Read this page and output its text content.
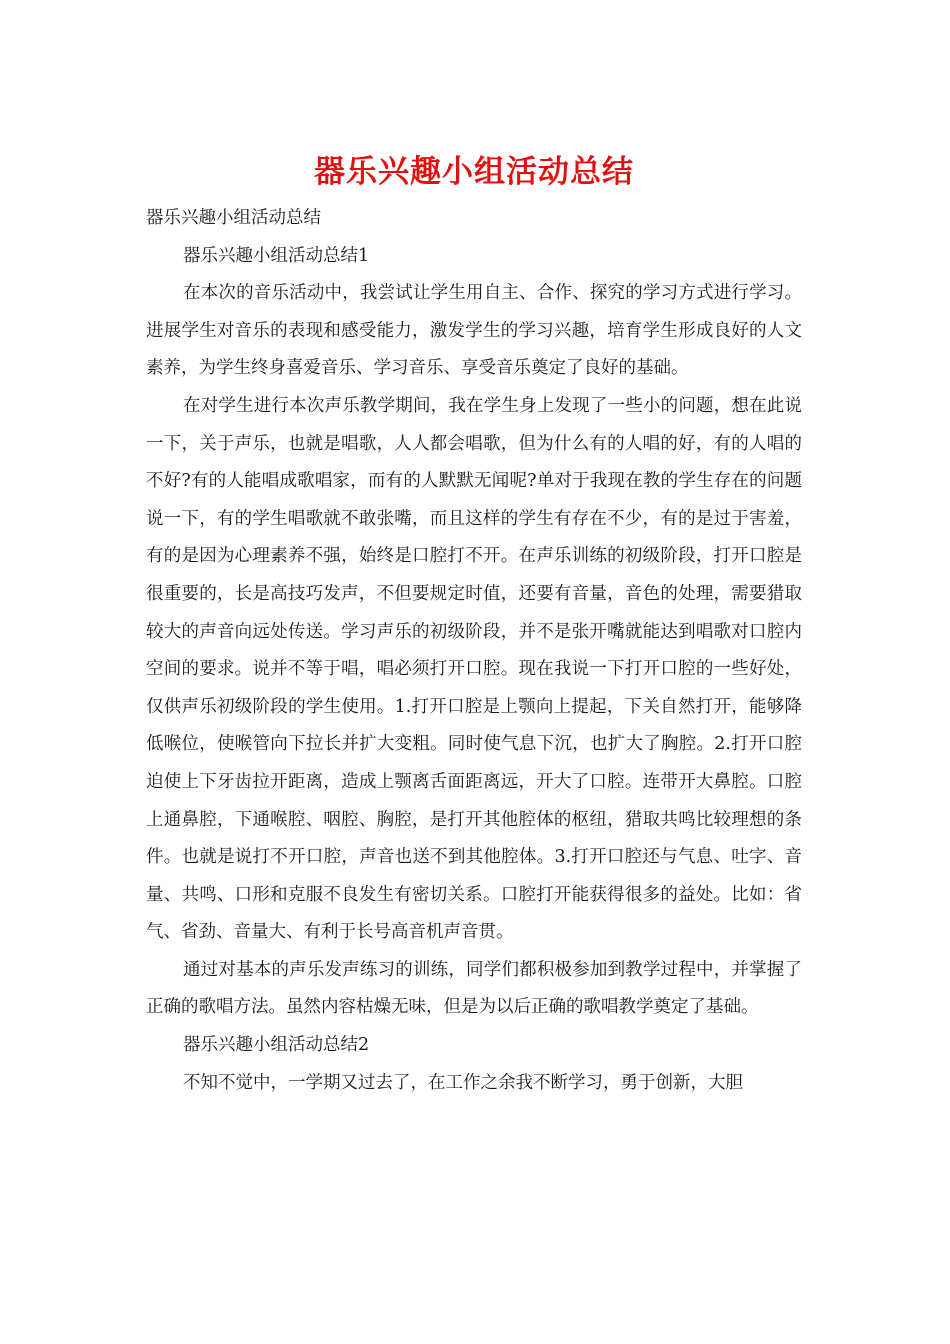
器乐兴趣小组活动总结

器乐兴趣小组活动总结

器乐兴趣小组活动总结1

在本次的音乐活动中，我尝试让学生用自主、合作、探究的学习方式进行学习。进展学生对音乐的表现和感受能力，激发学生的学习兴趣，培育学生形成良好的人文素养，为学生终身喜爱音乐、学习音乐、享受音乐奠定了良好的基础。

在对学生进行本次声乐教学期间，我在学生身上发现了一些小的问题，想在此说一下，关于声乐，也就是唱歌，人人都会唱歌，但为什么有的人唱的好，有的人唱的不好?有的人能唱成歌唱家，而有的人默默无闻呢?单对于我现在教的学生存在的问题说一下，有的学生唱歌就不敢张嘴，而且这样的学生有存在不少，有的是过于害羞，有的是因为心理素养不强，始终是口腔打不开。在声乐训练的初级阶段，打开口腔是很重要的，长是高技巧发声，不但要规定时值，还要有音量，音色的处理，需要猎取较大的声音向远处传送。学习声乐的初级阶段，并不是张开嘴就能达到唱歌对口腔内空间的要求。说并不等于唱，唱必须打开口腔。现在我说一下打开口腔的一些好处，仅供声乐初级阶段的学生使用。1.打开口腔是上颚向上提起，下关自然打开，能够降低喉位，使喉管向下拉长并扩大变粗。同时使气息下沉，也扩大了胸腔。2.打开口腔迫使上下牙齿拉开距离，造成上颚离舌面距离远，开大了口腔。连带开大鼻腔。口腔上通鼻腔，下通喉腔、咽腔、胸腔，是打开其他腔体的枢纽，猎取共鸣比较理想的条件。也就是说打不开口腔，声音也送不到其他腔体。3.打开口腔还与气息、吐字、音量、共鸣、口形和克服不良发生有密切关系。口腔打开能获得很多的益处。比如：省气、省劲、音量大、有利于长号高音机声音贯。

通过对基本的声乐发声练习的训练，同学们都积极参加到教学过程中，并掌握了正确的歌唱方法。虽然内容枯燥无味，但是为以后正确的歌唱教学奠定了基础。

器乐兴趣小组活动总结2

不知不觉中，一学期又过去了，在工作之余我不断学习，勇于创新，大胆
